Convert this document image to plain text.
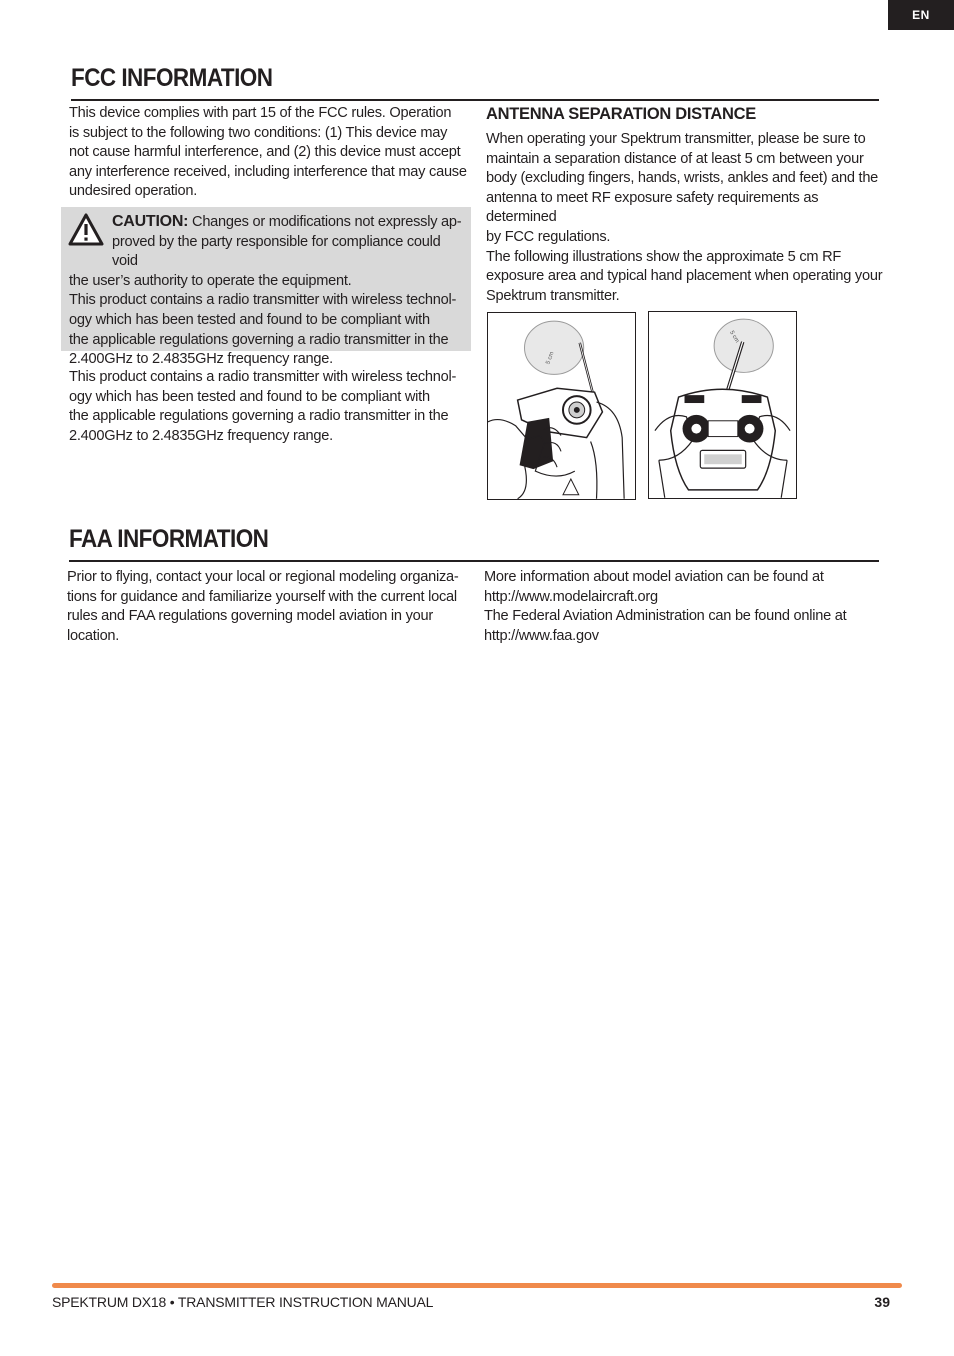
EN
FCC INFORMATION

This device complies with part 15 of the FCC rules. Operation

is subject to the following two conditions: (1) This device may

not cause harmful interference, and (2) this device must accept

any interference received, including interference that may cause

undesired operation.

CAUTION: Changes or modifications not expressly ap-
proved by the party responsible for compliance could void
the user’s authority to operate the equipment.
This product contains a radio transmitter with wireless technol-
ogy which has been tested and found to be compliant with
the applicable regulations governing a radio transmitter in the
2.400GHz to 2.4835GHz frequency range.

This product contains a radio transmitter with wireless technol-

ogy which has been tested and found to be compliant with

the applicable regulations governing a radio transmitter in the

2.400GHz to 2.4835GHz frequency range.

ANTENNA SEPARATION DISTANCE

When operating your Spektrum transmitter, please be sure to

maintain a separation distance of at least 5 cm between your

body (excluding fingers, hands, wrists, ankles and feet) and the

antenna to meet RF exposure safety requirements as determined

by FCC regulations.

The following illustrations show the approximate 5 cm RF

exposure area and typical hand placement when operating your

Spektrum transmitter.

5 cm
5 cm
FAA INFORMATION

Prior to flying, contact your local or regional modeling organiza-

tions for guidance and familiarize yourself with the current local

rules and FAA regulations governing model aviation in your

location.

More information about model aviation can be found at

http://www.modelaircraft.org

The Federal Aviation Administration can be found online at

http://www.faa.gov

SPEKTRUM DX18 • TRANSMITTER INSTRUCTION MANUAL	39
